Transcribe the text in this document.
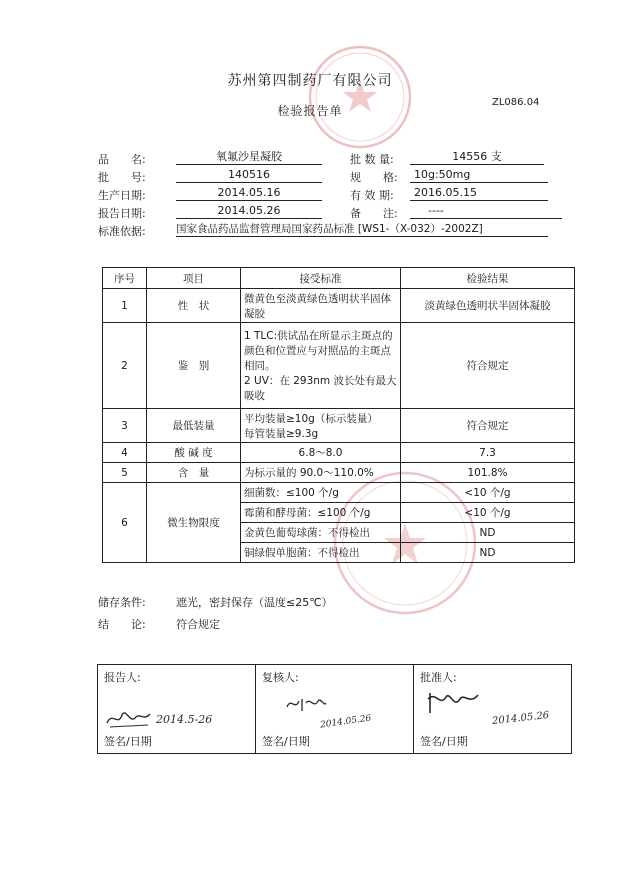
苏州第四制药厂有限公司
检验报告单
ZL086.04
品　　名:	氧氟沙星凝胶	批 数 量:	14556 支
批　　号:	140516	规　　格:	10g:50mg
生产日期:	2014.05.16	有 效 期:	2016.05.15
报告日期:	2014.05.26	备　　注:	----
标准依据:	国家食品药品监督管理局国家药品标准 [WS1-（X-032）-2002Z]
序号	项目	接受标准	检验结果
1	性　状	微黄色至淡黄绿色透明状半固体凝胶	淡黄绿色透明状半固体凝胶
2	鉴　别	1 TLC:供试品在所显示主斑点的颜色和位置应与对照品的主斑点相同。
2 UV：在 293nm 波长处有最大吸收	符合规定
3	最低装量	平均装量≥10g（标示装量）
每管装量≥9.3g	符合规定
4	酸 碱 度	6.8～8.0	7.3
5	含　量	为标示量的 90.0～110.0%	101.8%
6	微生物限度	细菌数：≤100 个/g	<10 个/g
		霉菌和酵母菌：≤100 个/g	<10 个/g
		金黄色葡萄球菌：不得检出	ND
		铜绿假单胞菌：不得检出	ND
储存条件:	遮光，密封保存（温度≤25℃）
结　　论:	符合规定
报告人:
2014.5-26
签名/日期
复核人:
2014.05.26
签名/日期
批准人:
2014.05.26
签名/日期
